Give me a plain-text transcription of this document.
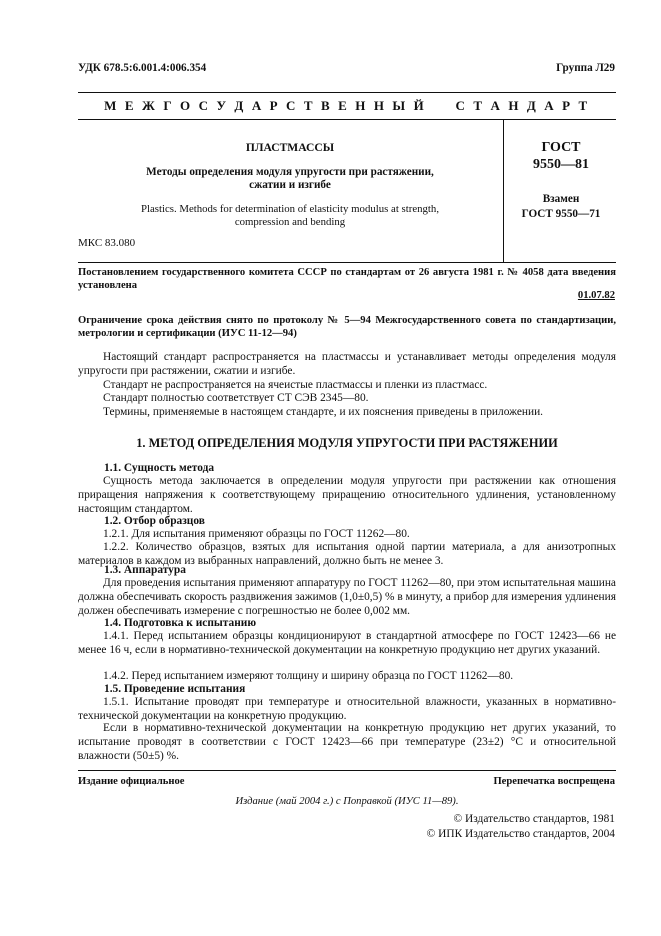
УДК 678.5:6.001.4:006.354	Группа Л29
М Е Ж Г О С У Д А Р С Т В Е Н Н Ы Й     С Т А Н Д А Р Т
ПЛАСТМАССЫ
Методы определения модуля упругости при растяжении,
сжатии и изгибе
Plastics. Methods for determination of elasticity modulus at strength,
compression and bending
ГОСТ
9550—81
Взамен
ГОСТ 9550—71
МКС 83.080
Постановлением государственного комитета СССР по стандартам от 26 августа 1981 г. № 4058 дата введения установлена
01.07.82
Ограничение срока действия снято по протоколу № 5—94 Межгосударственного совета по стандартизации, метрологии и сертификации (ИУС 11-12—94)
Настоящий стандарт распространяется на пластмассы и устанавливает методы определения модуля упругости при растяжении, сжатии и изгибе.
Стандарт не распространяется на ячеистые пластмассы и пленки из пластмасс.
Стандарт полностью соответствует СТ СЭВ 2345—80.
Термины, применяемые в настоящем стандарте, и их пояснения приведены в приложении.
1. МЕТОД ОПРЕДЕЛЕНИЯ МОДУЛЯ УПРУГОСТИ ПРИ РАСТЯЖЕНИИ
1.1. Сущность метода
Сущность метода заключается в определении модуля упругости при растяжении как отношения приращения напряжения к соответствующему приращению относительного удлинения, установленному настоящим стандартом.
1.2. Отбор образцов
1.2.1. Для испытания применяют образцы по ГОСТ 11262—80.
1.2.2. Количество образцов, взятых для испытания одной партии материала, а для анизотропных материалов в каждом из выбранных направлений, должно быть не менее 3.
1.3. Аппаратура
Для проведения испытания применяют аппаратуру по ГОСТ 11262—80, при этом испытательная машина должна обеспечивать скорость раздвижения зажимов (1,0±0,5) % в минуту, а прибор для измерения удлинения должен обеспечивать измерение с погрешностью не более 0,002 мм.
1.4. Подготовка к испытанию
1.4.1. Перед испытанием образцы кондиционируют в стандартной атмосфере по ГОСТ 12423—66 не менее 16 ч, если в нормативно-технической документации на конкретную продукцию нет других указаний.
1.4.2. Перед испытанием измеряют толщину и ширину образца по ГОСТ 11262—80.
1.5. Проведение испытания
1.5.1. Испытание проводят при температуре и относительной влажности, указанных в нормативно-технической документации на конкретную продукцию.
Если в нормативно-технической документации на конкретную продукцию нет других указаний, то испытание проводят в соответствии с ГОСТ 12423—66 при температуре (23±2) °С и относительной влажности (50±5) %.
Издание официальное	Перепечатка воспрещена
Издание (май 2004 г.) с Поправкой (ИУС 11—89).
© Издательство стандартов, 1981
© ИПК Издательство стандартов, 2004
